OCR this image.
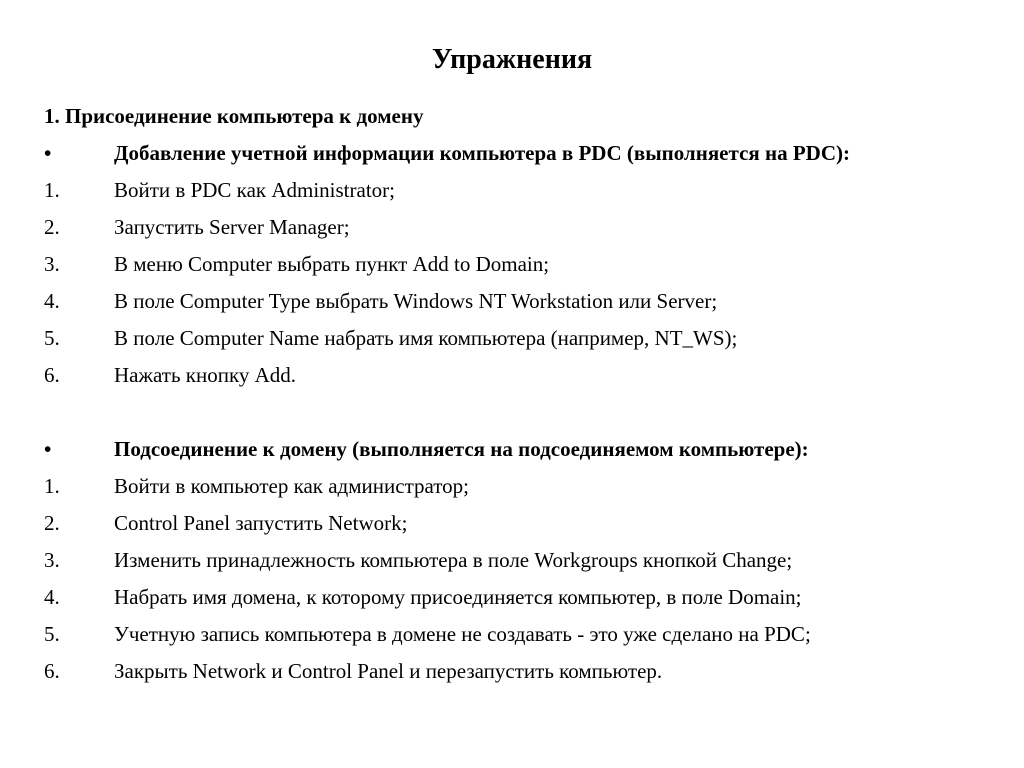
Упражнения
1. Присоединение компьютера к домену
•	Добавление учетной информации компьютера в PDC (выполняется на PDC):
1.	Войти в PDC как Administrator;
2.	Запустить Server Manager;
3.	В меню Computer выбрать пункт Add to Domain;
4.	В поле Computer Type выбрать Windows NT Workstation или Server;
5.	В поле Computer Name набрать имя компьютера (например, NT_WS);
6.	Нажать кнопку Add.
•	Подсоединение к домену (выполняется на подсоединяемом компьютере):
1.	Войти в компьютер как администратор;
2.	Control Panel запустить Network;
3.	Изменить принадлежность компьютера в поле Workgroups кнопкой Change;
4.	Набрать имя домена, к которому присоединяется компьютер, в поле Domain;
5.	Учетную запись компьютера в домене не создавать - это уже сделано на PDC;
6.	Закрыть Network и Control Panel и перезапустить компьютер.
